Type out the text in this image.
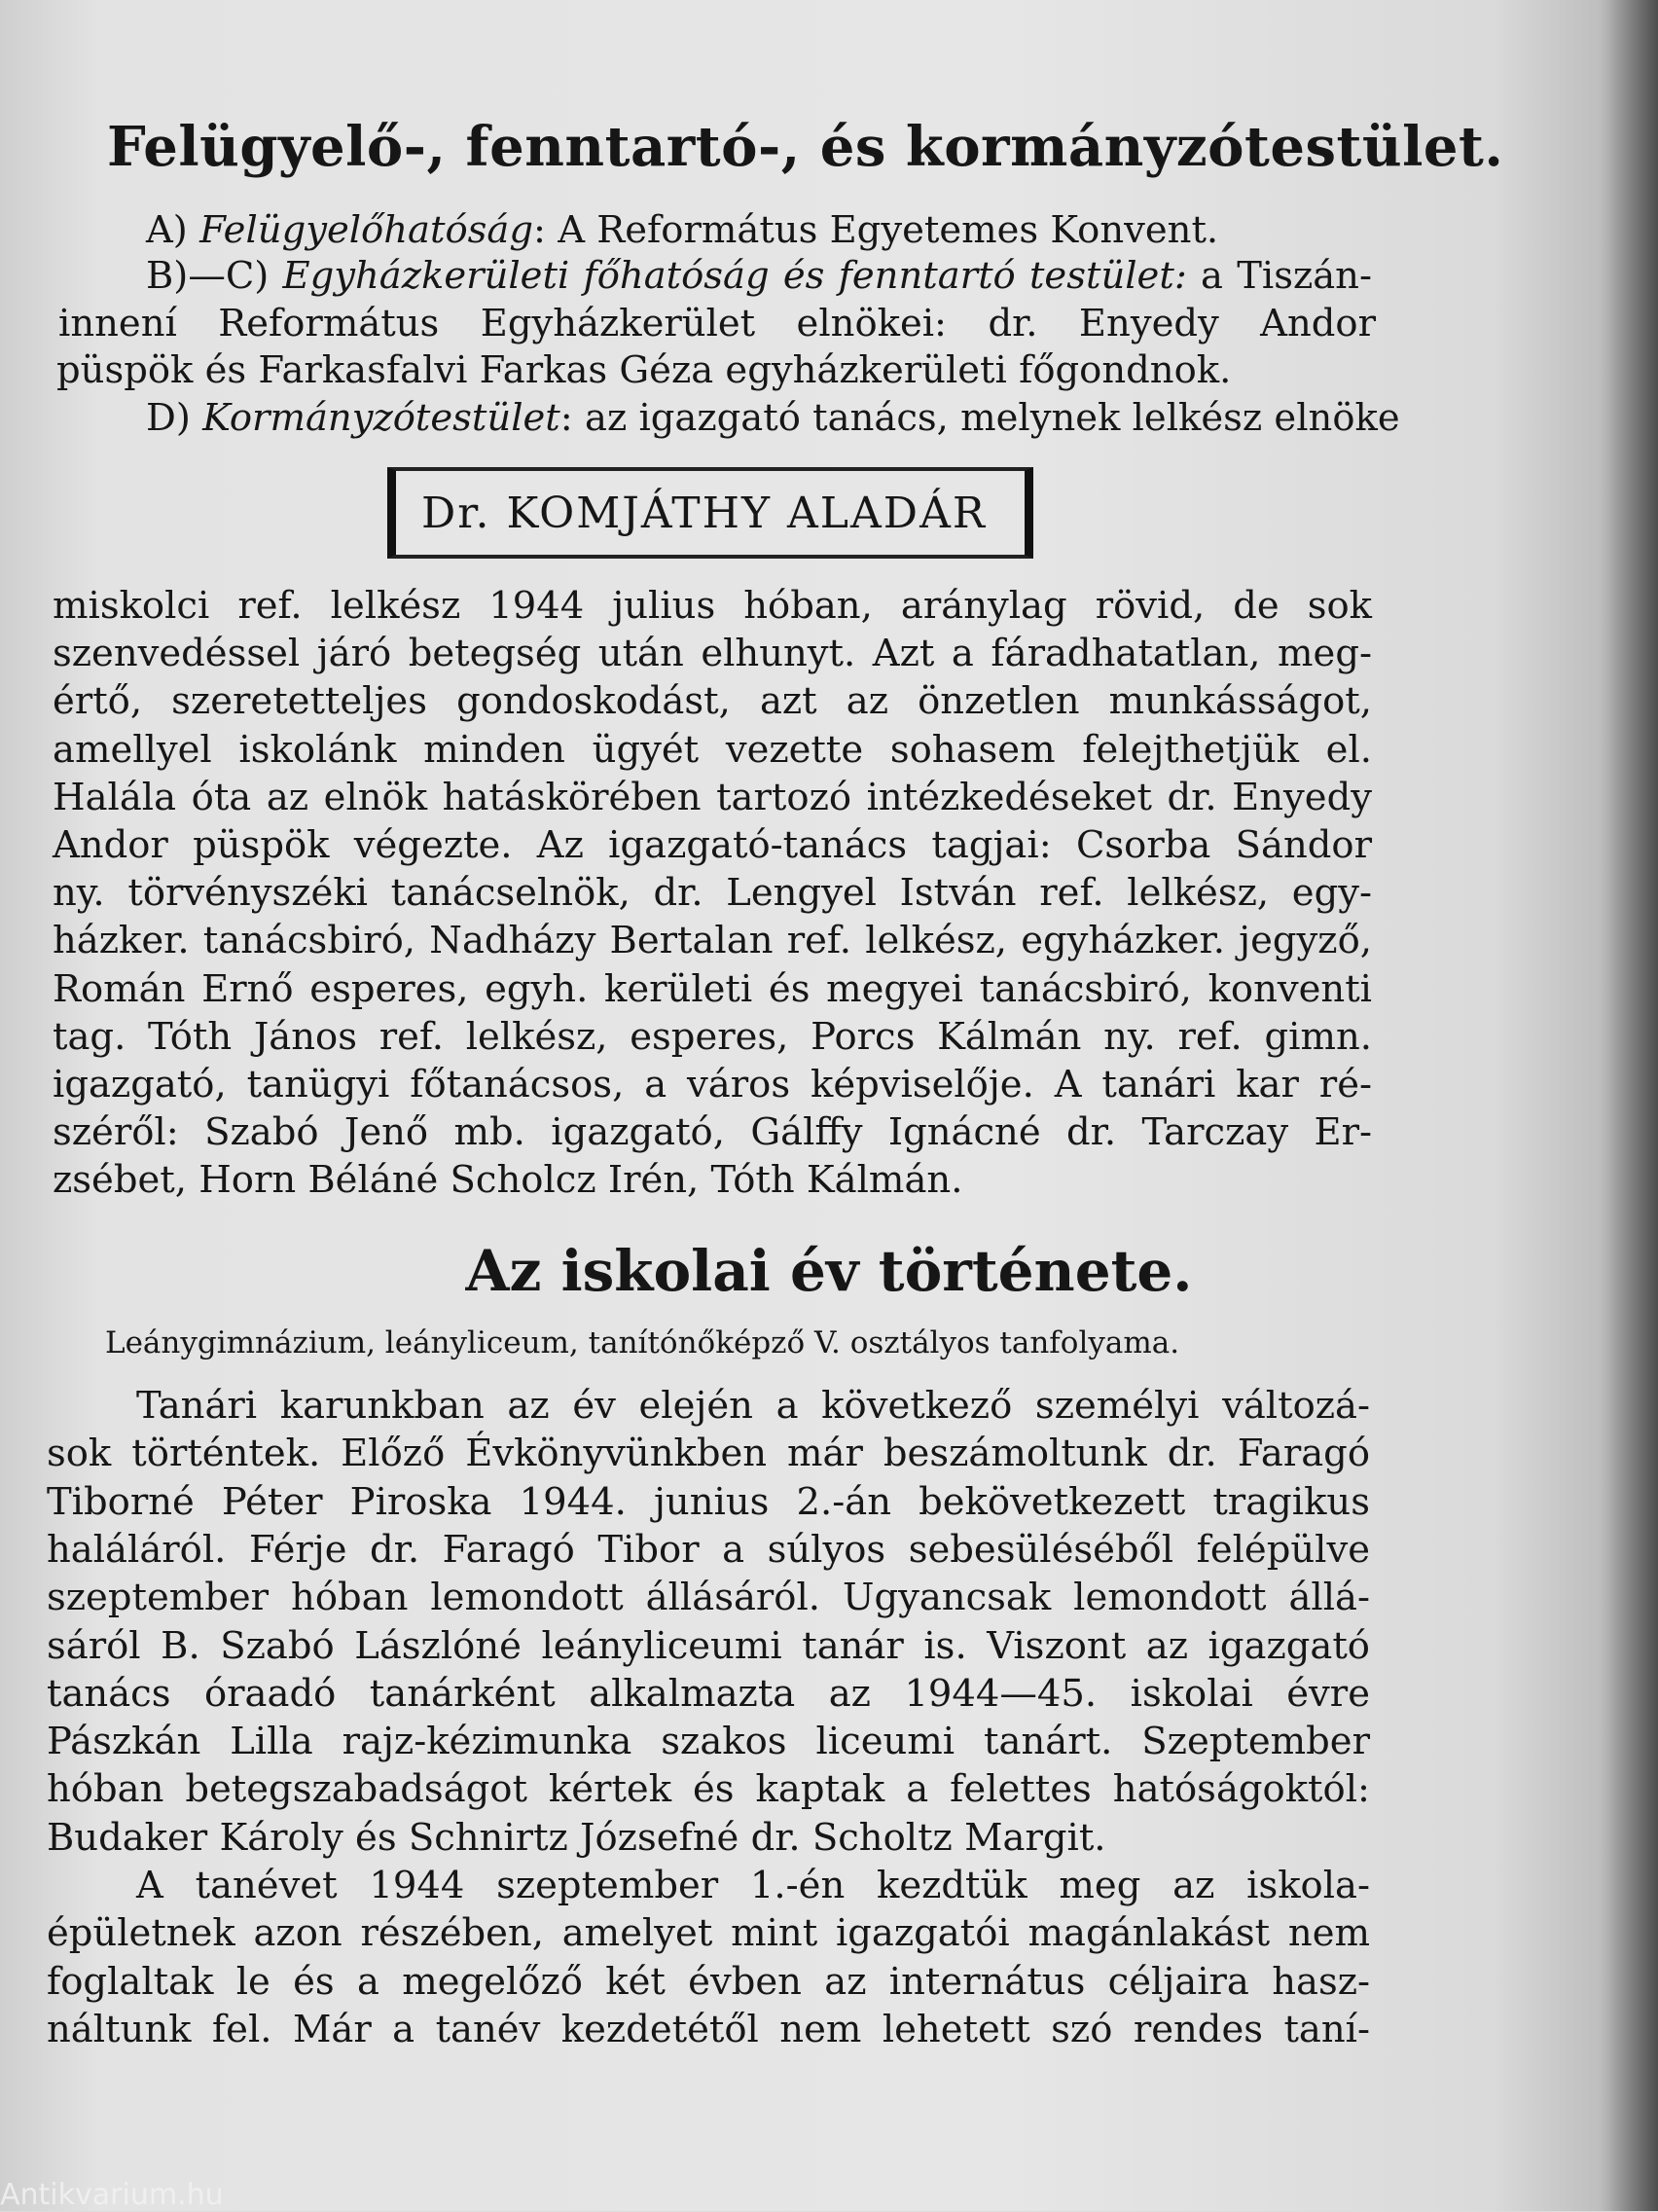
Felügyelő-, fenntartó-, és kormányzótestület.
A) Felügyelőhatóság: A Református Egyetemes Konvent.
B)—C) Egyházkerületi főhatóság és fenntartó testület: a Tiszán-
innení Református Egyházkerület elnökei: dr. Enyedy Andor
püspök és Farkasfalvi Farkas Géza egyházkerületi főgondnok.
D) Kormányzótestület: az igazgató tanács, melynek lelkész elnöke
Dr. KOMJÁTHY ALADÁR
miskolci ref. lelkész 1944 julius hóban, aránylag rövid, de sok
szenvedéssel járó betegség után elhunyt. Azt a fáradhatatlan, meg-
értő, szeretetteljes gondoskodást, azt az önzetlen munkásságot,
amellyel iskolánk minden ügyét vezette sohasem felejthetjük el.
Halála óta az elnök hatáskörében tartozó intézkedéseket dr. Enyedy
Andor püspök végezte. Az igazgató-tanács tagjai: Csorba Sándor
ny. törvényszéki tanácselnök, dr. Lengyel István ref. lelkész, egy-
házker. tanácsbiró, Nadházy Bertalan ref. lelkész, egyházker. jegyző,
Román Ernő esperes, egyh. kerületi és megyei tanácsbiró, konventi
tag. Tóth János ref. lelkész, esperes, Porcs Kálmán ny. ref. gimn.
igazgató, tanügyi főtanácsos, a város képviselője. A tanári kar ré-
széről: Szabó Jenő mb. igazgató, Gálffy Ignácné dr. Tarczay Er-
zsébet, Horn Béláné Scholcz Irén, Tóth Kálmán.
Az iskolai év története.
Leánygimnázium, leányliceum, tanítónőképző V. osztályos tanfolyama.
Tanári karunkban az év elején a következő személyi változá-
sok történtek. Előző Évkönyvünkben már beszámoltunk dr. Faragó
Tiborné Péter Piroska 1944. junius 2.-án bekövetkezett tragikus
haláláról. Férje dr. Faragó Tibor a súlyos sebesüléséből felépülve
szeptember hóban lemondott állásáról. Ugyancsak lemondott állá-
sáról B. Szabó Lászlóné leányliceumi tanár is. Viszont az igazgató
tanács óraadó tanárként alkalmazta az 1944—45. iskolai évre
Pászkán Lilla rajz-kézimunka szakos liceumi tanárt. Szeptember
hóban betegszabadságot kértek és kaptak a felettes hatóságoktól:
Budaker Károly és Schnirtz Józsefné dr. Scholtz Margit.
A tanévet 1944 szeptember 1.-én kezdtük meg az iskola-
épületnek azon részében, amelyet mint igazgatói magánlakást nem
foglaltak le és a megelőző két évben az internátus céljaira hasz-
náltunk fel. Már a tanév kezdetétől nem lehetett szó rendes taní-
Antikvarium.hu
